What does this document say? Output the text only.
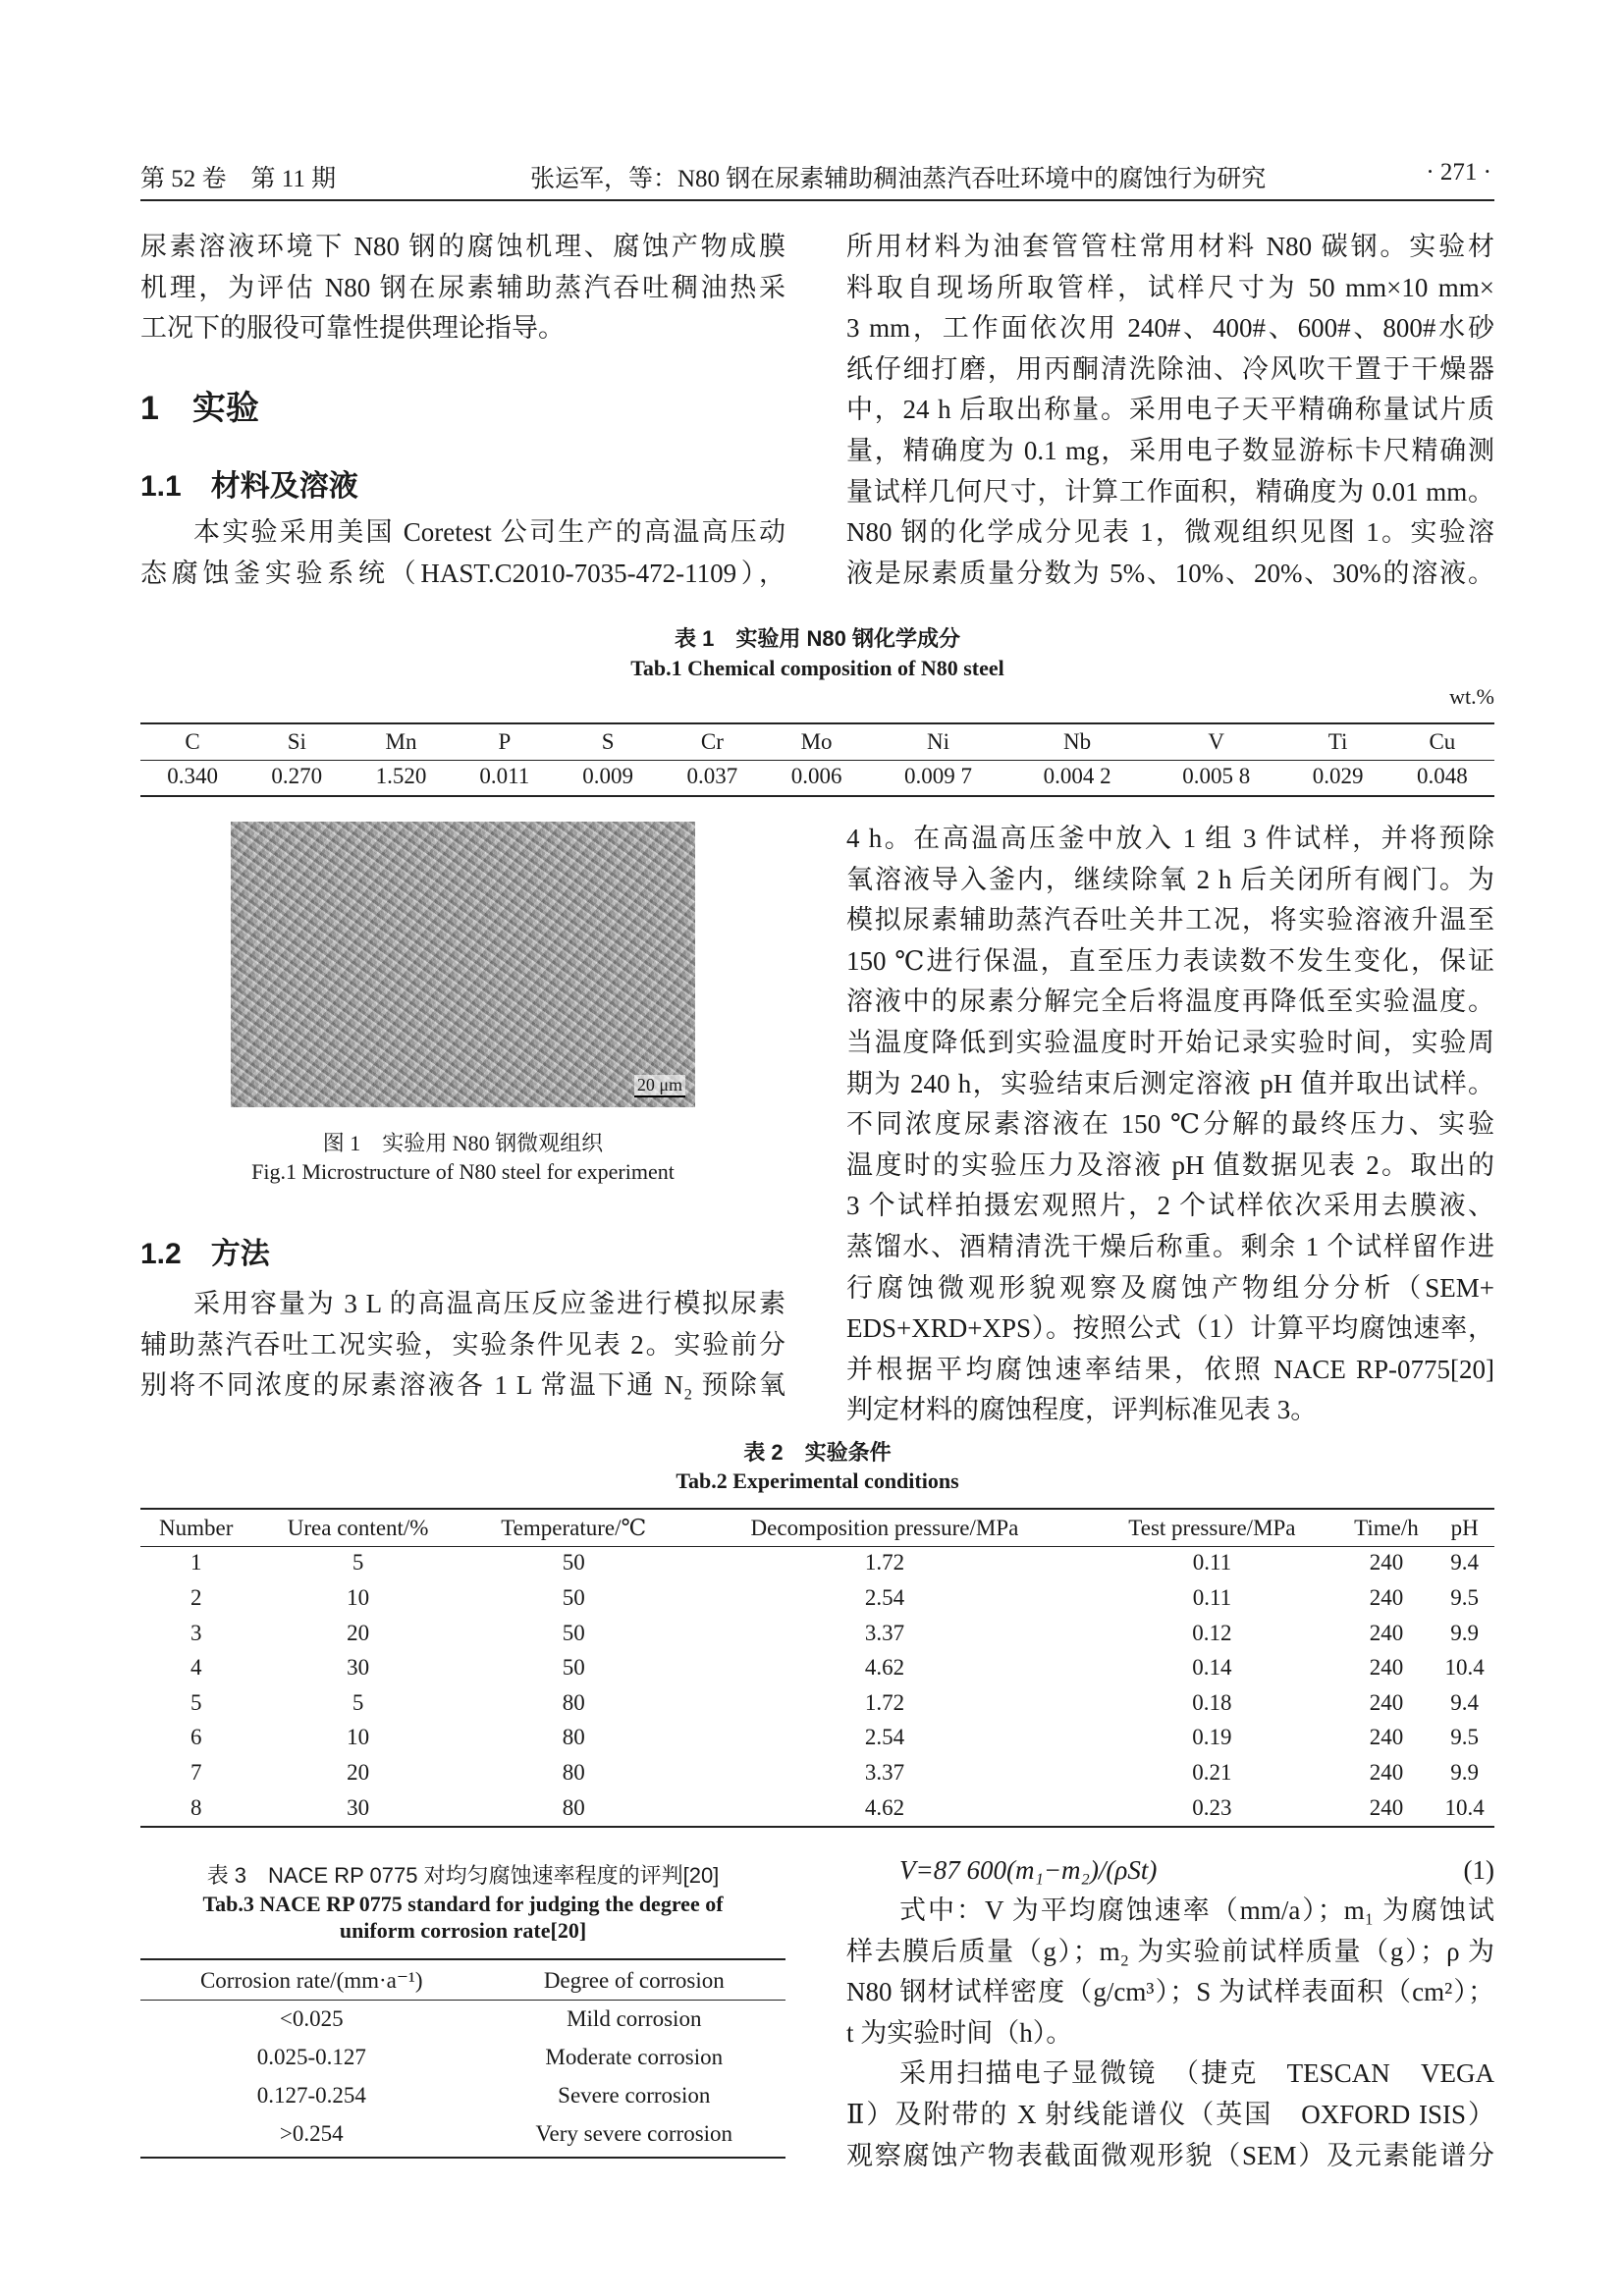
第 52 卷　第 11 期	张运军，等：N80 钢在尿素辅助稠油蒸汽吞吐环境中的腐蚀行为研究	· 271 ·
尿素溶液环境下 N80 钢的腐蚀机理、腐蚀产物成膜
机理，为评估 N80 钢在尿素辅助蒸汽吞吐稠油热采
工况下的服役可靠性提供理论指导。
1　实验
1.1　材料及溶液
本实验采用美国 Coretest 公司生产的高温高压动
态腐蚀釜实验系统（HAST.C2010-7035-472-1109），
所用材料为油套管管柱常用材料 N80 碳钢。实验材
料取自现场所取管样，试样尺寸为 50 mm×10 mm×
3 mm，工作面依次用 240#、400#、600#、800#水砂
纸仔细打磨，用丙酮清洗除油、冷风吹干置于干燥器
中，24 h 后取出称量。采用电子天平精确称量试片质
量，精确度为 0.1 mg，采用电子数显游标卡尺精确测
量试样几何尺寸，计算工作面积，精确度为 0.01 mm。
N80 钢的化学成分见表 1，微观组织见图 1。实验溶
液是尿素质量分数为 5%、10%、20%、30%的溶液。
表 1　实验用 N80 钢化学成分
Tab.1 Chemical composition of N80 steel
wt.%
C	Si	Mn	P	S	Cr	Mo	Ni	Nb	V	Ti	Cu
0.340	0.270	1.520	0.011	0.009	0.037	0.006	0.009 7	0.004 2	0.005 8	0.029	0.048
20 μm
图 1　实验用 N80 钢微观组织
Fig.1 Microstructure of N80 steel for experiment
1.2　方法
采用容量为 3 L 的高温高压反应釜进行模拟尿素
辅助蒸汽吞吐工况实验，实验条件见表 2。实验前分
别将不同浓度的尿素溶液各 1 L 常温下通 N₂ 预除氧
4 h。在高温高压釜中放入 1 组 3 件试样，并将预除
氧溶液导入釜内，继续除氧 2 h 后关闭所有阀门。为
模拟尿素辅助蒸汽吞吐关井工况，将实验溶液升温至
150 ℃进行保温，直至压力表读数不发生变化，保证
溶液中的尿素分解完全后将温度再降低至实验温度。
当温度降低到实验温度时开始记录实验时间，实验周
期为 240 h，实验结束后测定溶液 pH 值并取出试样。
不同浓度尿素溶液在 150 ℃分解的最终压力、实验
温度时的实验压力及溶液 pH 值数据见表 2。取出的
3 个试样拍摄宏观照片，2 个试样依次采用去膜液、
蒸馏水、酒精清洗干燥后称重。剩余 1 个试样留作进
行腐蚀微观形貌观察及腐蚀产物组分分析（SEM+
EDS+XRD+XPS）。按照公式（1）计算平均腐蚀速率，
并根据平均腐蚀速率结果，依照 NACE RP-0775[20]
判定材料的腐蚀程度，评判标准见表 3。
表 2　实验条件
Tab.2 Experimental conditions
Number	Urea content/%	Temperature/℃	Decomposition pressure/MPa	Test pressure/MPa	Time/h	pH
1	5	50	1.72	0.11	240	9.4
2	10	50	2.54	0.11	240	9.5
3	20	50	3.37	0.12	240	9.9
4	30	50	4.62	0.14	240	10.4
5	5	80	1.72	0.18	240	9.4
6	10	80	2.54	0.19	240	9.5
7	20	80	3.37	0.21	240	9.9
8	30	80	4.62	0.23	240	10.4
表 3　NACE RP 0775 对均匀腐蚀速率程度的评判[20]
Tab.3 NACE RP 0775 standard for judging the degree of
uniform corrosion rate[20]
Corrosion rate/(mm·a⁻¹)	Degree of corrosion
<0.025	Mild corrosion
0.025-0.127	Moderate corrosion
0.127-0.254	Severe corrosion
>0.254	Very severe corrosion
V=87 600(m₁−m₂)/(ρSt)	(1)
式中：V 为平均腐蚀速率（mm/a）；m₁ 为腐蚀试
样去膜后质量（g）；m₂ 为实验前试样质量（g）；ρ 为
N80 钢材试样密度（g/cm³）；S 为试样表面积（cm²）；
t 为实验时间（h）。
采用扫描电子显微镜　（捷克　TESCAN　VEGA
Ⅱ）及附带的 X 射线能谱仪（英国　OXFORD ISIS）
观察腐蚀产物表截面微观形貌（SEM）及元素能谱分
